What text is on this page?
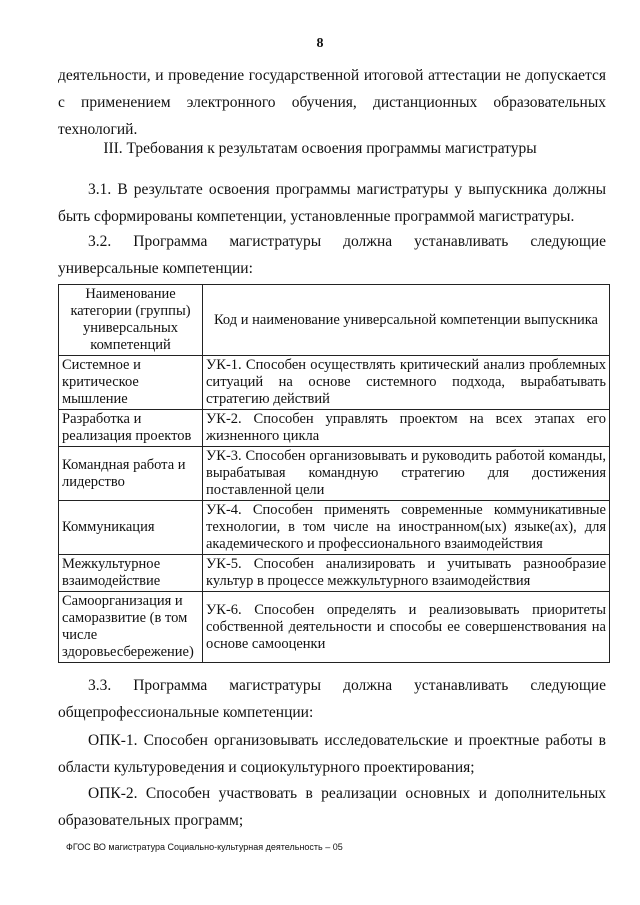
8
деятельности, и проведение государственной итоговой аттестации не допускается с применением электронного обучения, дистанционных образовательных технологий.
III. Требования к результатам освоения программы магистратуры
3.1. В результате освоения программы магистратуры у выпускника должны быть сформированы компетенции, установленные программой магистратуры.
3.2. Программа магистратуры должна устанавливать следующие универсальные компетенции:
Наименование категории (группы) универсальных компетенций	Код и наименование универсальной компетенции выпускника
Системное и критическое мышление	УК-1. Способен осуществлять критический анализ проблемных ситуаций на основе системного подхода, вырабатывать стратегию действий
Разработка и реализация проектов	УК-2. Способен управлять проектом на всех этапах его жизненного цикла
Командная работа и лидерство	УК-3. Способен организовывать и руководить работой команды, вырабатывая командную стратегию для достижения поставленной цели
Коммуникация	УК-4. Способен применять современные коммуникативные технологии, в том числе на иностранном(ых) языке(ах), для академического и профессионального взаимодействия
Межкультурное взаимодействие	УК-5. Способен анализировать и учитывать разнообразие культур в процессе межкультурного взаимодействия
Самоорганизация и саморазвитие (в том числе здоровьесбережение)	УК-6. Способен определять и реализовывать приоритеты собственной деятельности и способы ее совершенствования на основе самооценки
3.3. Программа магистратуры должна устанавливать следующие
общепрофессиональные компетенции:
ОПК-1. Способен организовывать исследовательские и проектные работы в области культуроведения и социокультурного проектирования;
ОПК-2. Способен участвовать в реализации основных и дополнительных образовательных программ;
ФГОС ВО магистратура Социально-культурная деятельность – 05
